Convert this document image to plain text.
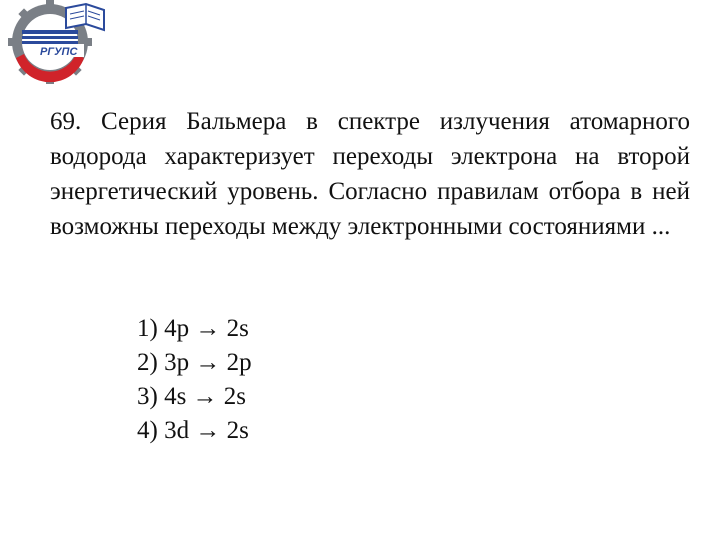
РГУПС

69. Серия Бальмера в спектре излучения атомарного водорода характеризует переходы электрона на второй энергетический уровень. Согласно правилам отбора в ней возможны переходы между электронными состояниями ...

1) 4p → 2s
2) 3p → 2p
3) 4s → 2s
4) 3d → 2s
